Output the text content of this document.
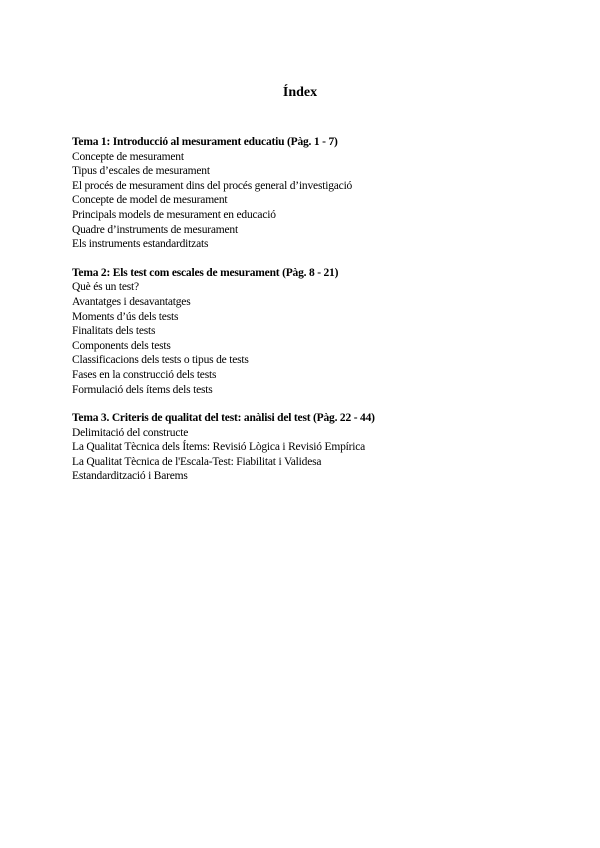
Índex
Tema 1: Introducció al mesurament educatiu (Pàg. 1 - 7)
Concepte de mesurament
Tipus d’escales de mesurament
El procés de mesurament dins del procés general d’investigació
Concepte de model de mesurament
Principals models de mesurament en educació
Quadre d’instruments de mesurament
Els instruments estandarditzats
Tema 2: Els test com escales de mesurament (Pàg. 8 - 21)
Què és un test?
Avantatges i desavantatges
Moments d’ús dels tests
Finalitats dels tests
Components dels tests
Classificacions dels tests o tipus de tests
Fases en la construcció dels tests
Formulació dels ítems dels tests
Tema 3. Criteris de qualitat del test: anàlisi del test (Pàg. 22 - 44)
Delimitació del constructe
La Qualitat Tècnica dels Ítems: Revisió Lògica i Revisió Empírica
La Qualitat Tècnica de l'Escala-Test: Fiabilitat i Validesa
Estandardització i Barems
